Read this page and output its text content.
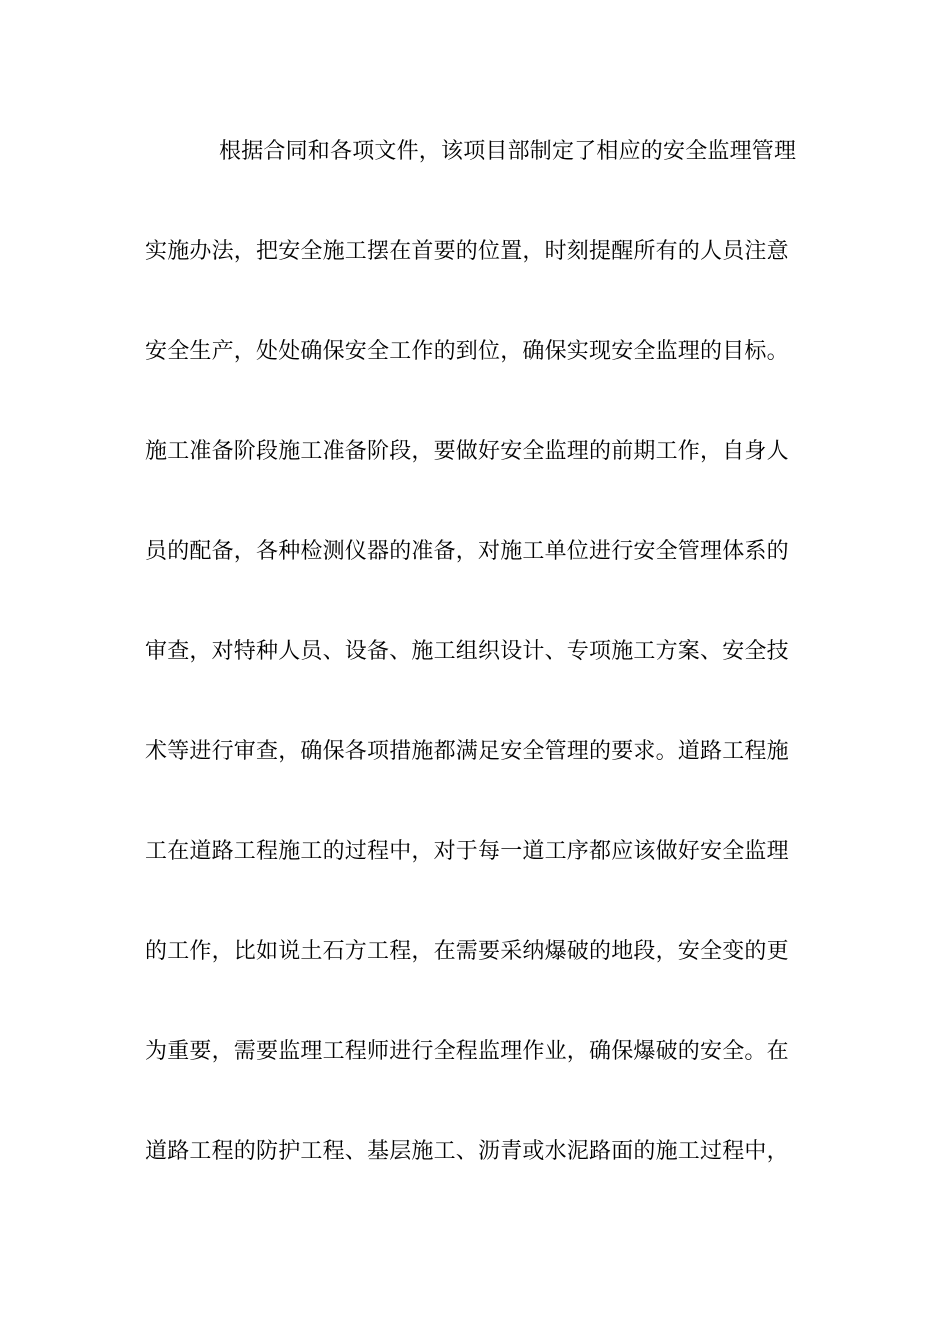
根据合同和各项文件，该项目部制定了相应的安全监理管理
实施办法，把安全施工摆在首要的位置，时刻提醒所有的人员注意
安全生产，处处确保安全工作的到位，确保实现安全监理的目标。
施工准备阶段施工准备阶段，要做好安全监理的前期工作，自身人
员的配备，各种检测仪器的准备，对施工单位进行安全管理体系的
审查，对特种人员、设备、施工组织设计、专项施工方案、安全技
术等进行审查，确保各项措施都满足安全管理的要求。道路工程施
工在道路工程施工的过程中，对于每一道工序都应该做好安全监理
的工作，比如说土石方工程，在需要采纳爆破的地段，安全变的更
为重要，需要监理工程师进行全程监理作业，确保爆破的安全。在
道路工程的防护工程、基层施工、沥青或水泥路面的施工过程中，
